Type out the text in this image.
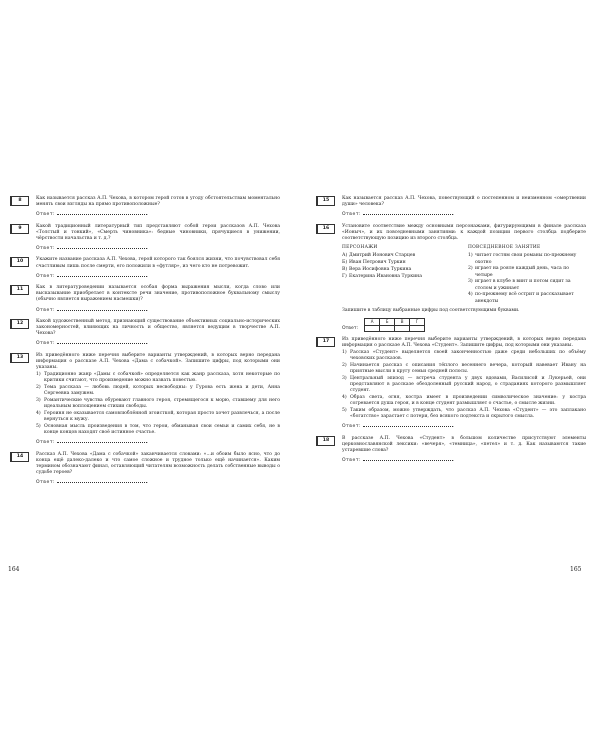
8	Как называется рассказ А.П. Чехова, в котором герой готов в угоду обстоятельствам моментально менять свои взгляды на прямо противоположные?

Ответ:	.
9	Какой традиционный литературный тип представляют собой герои рассказов А.П. Чехова «Толстый и тонкий», «Смерть чиновника»: бедные чиновники, прячущиеся в унижении, чёрствости начальства и т. д.?

Ответ:	.
10	Укажите название рассказа А.П. Чехова, герой которого так боялся жизни, что почувствовал себя счастливым лишь после смерти, его положили в «футляр», из чего кто не потревожит.

Ответ:	.
11	Как в литературоведении называется особая форма выражения мысли, когда слово или высказывание приобретает в контексте речи значение, противоположное буквальному смыслу (обычно является выражением насмешки)?

Ответ:	.
12	Какой художественный метод, признающий существование объективных социально-исторических закономерностей, влияющих на личность и общество, является ведущим в творчестве А.П. Чехова?

Ответ:	.
13	Из приведённого ниже перечня выберите варианты утверждений, в которых верно передана информация о рассказе А.П. Чехова «Дама с собачкой». Запишите цифры, под которыми они указаны.

1) Традиционно жанр «Дамы с собачкой» определяется как жанр рассказа, хотя некоторые по критики считают, что произведение можно назвать повестью.
2) Тема рассказа — любовь людей, которых несвободны: у Гурова есть жена и дети, Анна Сергеевна замужем.
3) Романтические чувства обуревают главного героя, стремящегося к морю, ставшему для него идеальным воплощением стихии свободы.
4) Героиня не оказывается самовлюблённой эгоисткой, которая просто хочет развлечься, а после вернуться к мужу.
5) Основная мысль произведения в том, что герои, обманывая свои семьи и самих себя, не в конце концов находят своё истинное счастье.
Ответ:	.
14	Рассказ А.П. Чехова «Дама с собачкой» заканчивается словами: «...и обоим было ясно, что до конца ещё далеко-далеко и что самое сложное и трудное только ещё начинается». Каким термином обозначают финал, оставляющий читателям возможность делать собственные выводы о судьбе героев?

Ответ:	.
164
15	Как называется рассказ А.П. Чехова, повествующий о постепенном и неизменном «омертвении души» человека?

Ответ:	.
16	Установите соответствие между основными персонажами, фигурирующими в финале рассказа «Ионыч», и их повседневными занятиями: к каждой позиции первого столбца подберите соответствующую позицию из второго столбца.

ПЕРСОНАЖИ
А) Дмитрий Ионович Старцев
Б) Иван Петрович Туркин
В) Вера Иосифовна Туркина
Г) Екатерина Ивановна Туркина
ПОВСЕДНЕВНОЕ ЗАНЯТИЕ
1) читает гостям свои романы по-прежнему охотно
2) играет на рояле каждый день, часа по четыре
3) играет в клубе в винт и потом сидит за столом и ужинает
4) по-прежнему всё острит и рассказывает анекдоты

Запишите в таблицу выбранные цифры под соответствующими буквами.

Ответ:
А	Б	В	Г

17	Из приведённого ниже перечня выберите варианты утверждений, в которых верно передана информация о рассказе А.П. Чехова «Студент». Запишите цифры, под которыми они указаны.

1) Рассказ «Студент» выделяется своей законченностью даже среди небольших по объёму чеховских рассказов.
2) Начинается рассказ с описания тёплого весеннего вечера, который навевает Ивану на приятные мысли в кругу семьи средней полосы.
3) Центральный эпизод — встреча студента у двух вдовами, Василисой и Лукерьей, они представляют в рассказе обездоленный русский народ, о страданиях которого размышляет студент.
4) Образ света, огня, костра имеет в произведении символическое значение: у костра согревается душа героя, и в конце студент размышляет о счастье, о смысле жизни.
5) Таким образом, можно утверждать, что рассказ А.П. Чехова «Студент» — это заплакано «богатство» зарастает с потери, без всякого подтекста и скрытого смысла.
Ответ:	.
18	В рассказе А.П. Чехова «Студент» в большом количестве присутствуют элементы церковнославянской лексики: «вечеря», «темница», «петел» и т. д. Как называются такие устаревшие слова?

Ответ:	.
165
